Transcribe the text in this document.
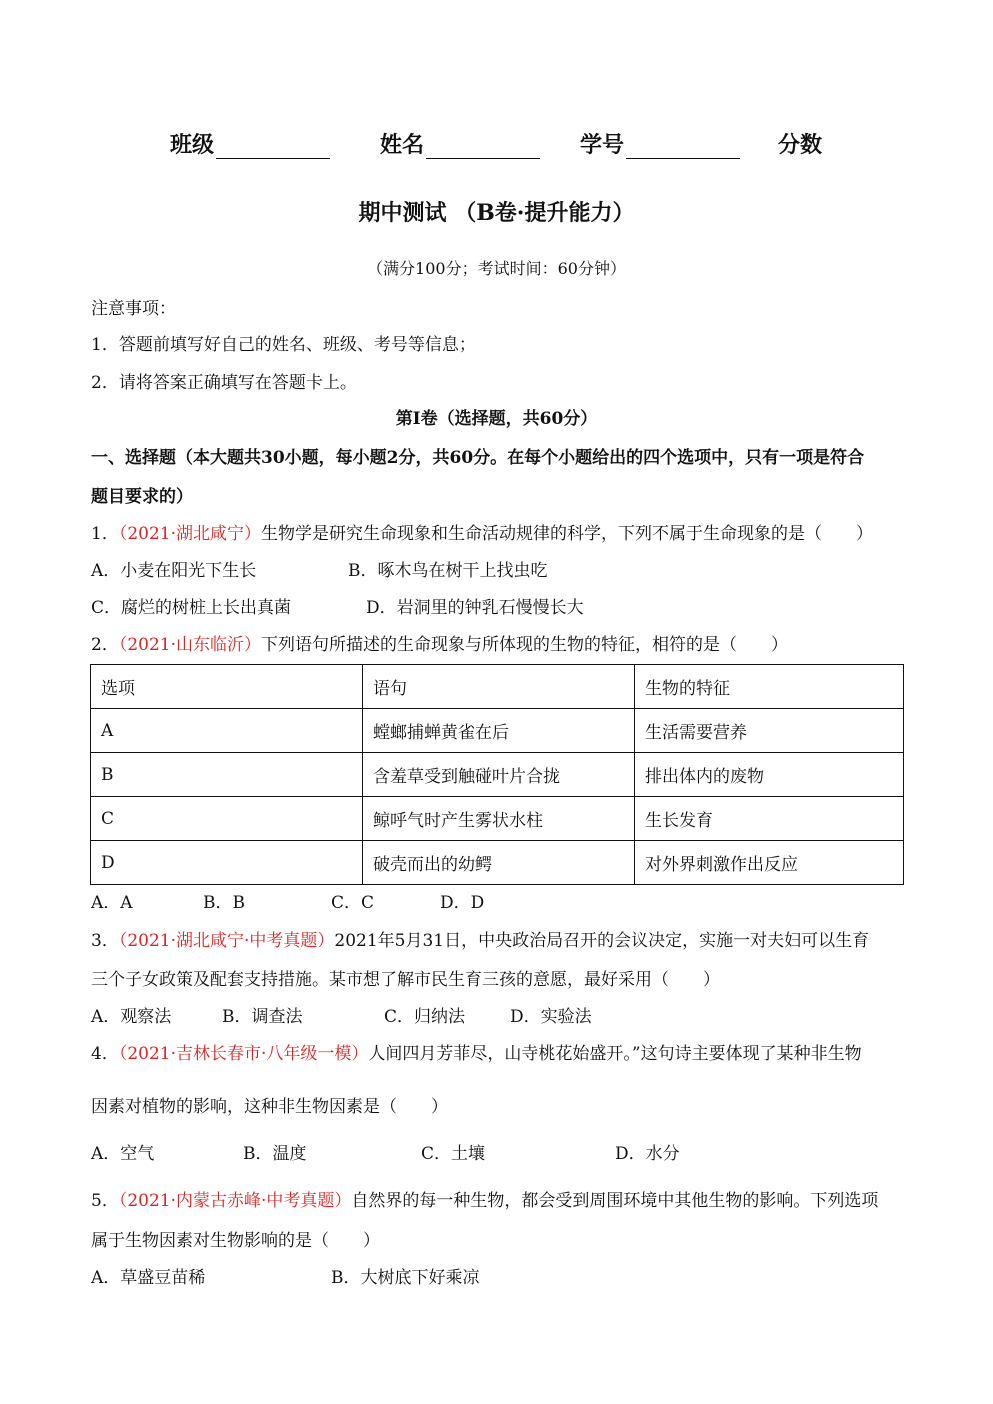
班级	姓名	学号	分数
期中测试 （B卷·提升能力）
（满分100分；考试时间：60分钟）
注意事项：
1．答题前填写好自己的姓名、班级、考号等信息；
2．请将答案正确填写在答题卡上。
第Ⅰ卷（选择题，共60分）
一、选择题（本大题共30小题，每小题2分，共60分。在每个小题给出的四个选项中，只有一项是符合
题目要求的）
1．（2021·湖北咸宁）生物学是研究生命现象和生命活动规律的科学，下列不属于生命现象的是（　　）
A．小麦在阳光下生长	B．啄木鸟在树干上找虫吃
C．腐烂的树桩上长出真菌	D．岩洞里的钟乳石慢慢长大
2．（2021·山东临沂）下列语句所描述的生命现象与所体现的生物的特征，相符的是（　　）
选项	语句	生物的特征
A	螳螂捕蝉黄雀在后	生活需要营养
B	含羞草受到触碰叶片合拢	排出体内的废物
C	鲸呼气时产生雾状水柱	生长发育
D	破壳而出的幼鳄	对外界刺激作出反应
A．A	B．B	C．C	D．D
3．（2021·湖北咸宁·中考真题）2021年5月31日，中央政治局召开的会议决定，实施一对夫妇可以生育
三个子女政策及配套支持措施。某市想了解市民生育三孩的意愿，最好采用（　　）
A．观察法	B．调查法	C．归纳法	D．实验法
4．（2021·吉林长春市·八年级一模）人间四月芳菲尽，山寺桃花始盛开。”这句诗主要体现了某种非生物
因素对植物的影响，这种非生物因素是（　　）
A．空气	B．温度	C．土壤	D．水分
5．（2021·内蒙古赤峰·中考真题）自然界的每一种生物，都会受到周围环境中其他生物的影响。下列选项
属于生物因素对生物影响的是（　　）
A．草盛豆苗稀	B．大树底下好乘凉
